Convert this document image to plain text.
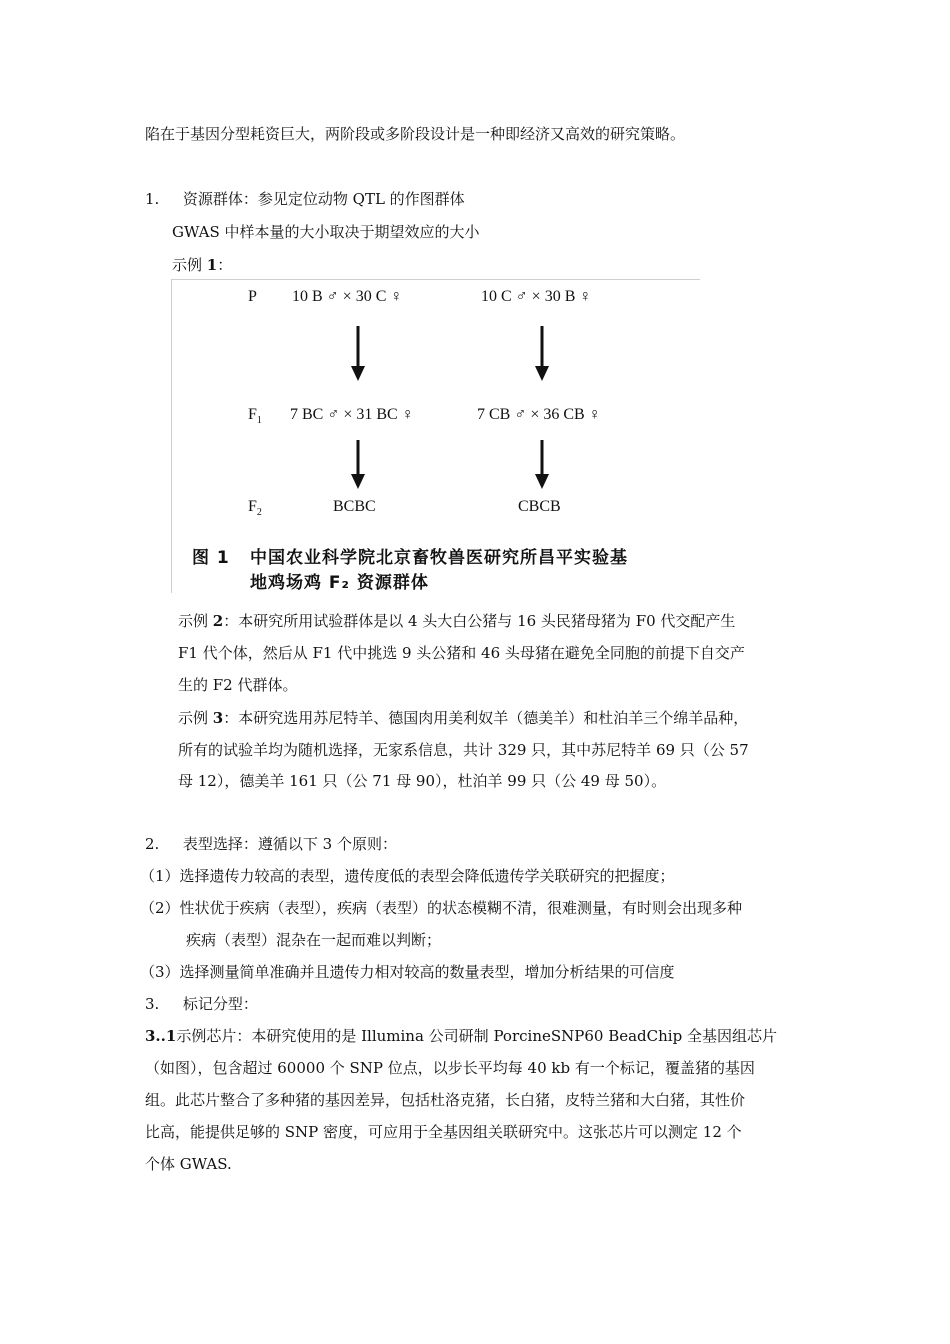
陷在于基因分型耗资巨大，两阶段或多阶段设计是一种即经济又高效的研究策略。
1. 资源群体：参见定位动物 QTL 的作图群体
GWAS 中样本量的大小取决于期望效应的大小
示例 1：
P 10 B ♂ × 30 C ♀	10 C ♂ × 30 B ♀
$F_1$ 7 BC ♂ × 31 BC ♀	7 CB ♂ × 36 CB ♀
$F_2$	BCBC	CBCB
图 1 中国农业科学院北京畜牧兽医研究所昌平实验基
地鸡场鸡 F₂ 资源群体
示例 2：本研究所用试验群体是以 4 头大白公猪与 16 头民猪母猪为 F0 代交配产生
F1 代个体，然后从 F1 代中挑选 9 头公猪和 46 头母猪在避免全同胞的前提下自交产
生的 F2 代群体。
示例 3：本研究选用苏尼特羊、德国肉用美利奴羊（德美羊）和杜泊羊三个绵羊品种，
所有的试验羊均为随机选择，无家系信息，共计 329 只，其中苏尼特羊 69 只（公 57
母 12），德美羊 161 只（公 71 母 90），杜泊羊 99 只（公 49 母 50）。
2. 表型选择：遵循以下 3 个原则：
（1）选择遗传力较高的表型，遗传度低的表型会降低遗传学关联研究的把握度；
（2）性状优于疾病（表型），疾病（表型）的状态模糊不清，很难测量，有时则会出现多种
疾病（表型）混杂在一起而难以判断；
（3）选择测量简单准确并且遗传力相对较高的数量表型，增加分析结果的可信度
3. 标记分型：
3..1示例芯片：本研究使用的是 Illumina 公司研制 PorcineSNP60 BeadChip 全基因组芯片
（如图），包含超过 60000 个 SNP 位点，以步长平均每 40 kb 有一个标记，覆盖猪的基因
组。此芯片整合了多种猪的基因差异，包括杜洛克猪，长白猪，皮特兰猪和大白猪，其性价
比高，能提供足够的 SNP 密度，可应用于全基因组关联研究中。这张芯片可以测定 12 个
个体 GWAS.
